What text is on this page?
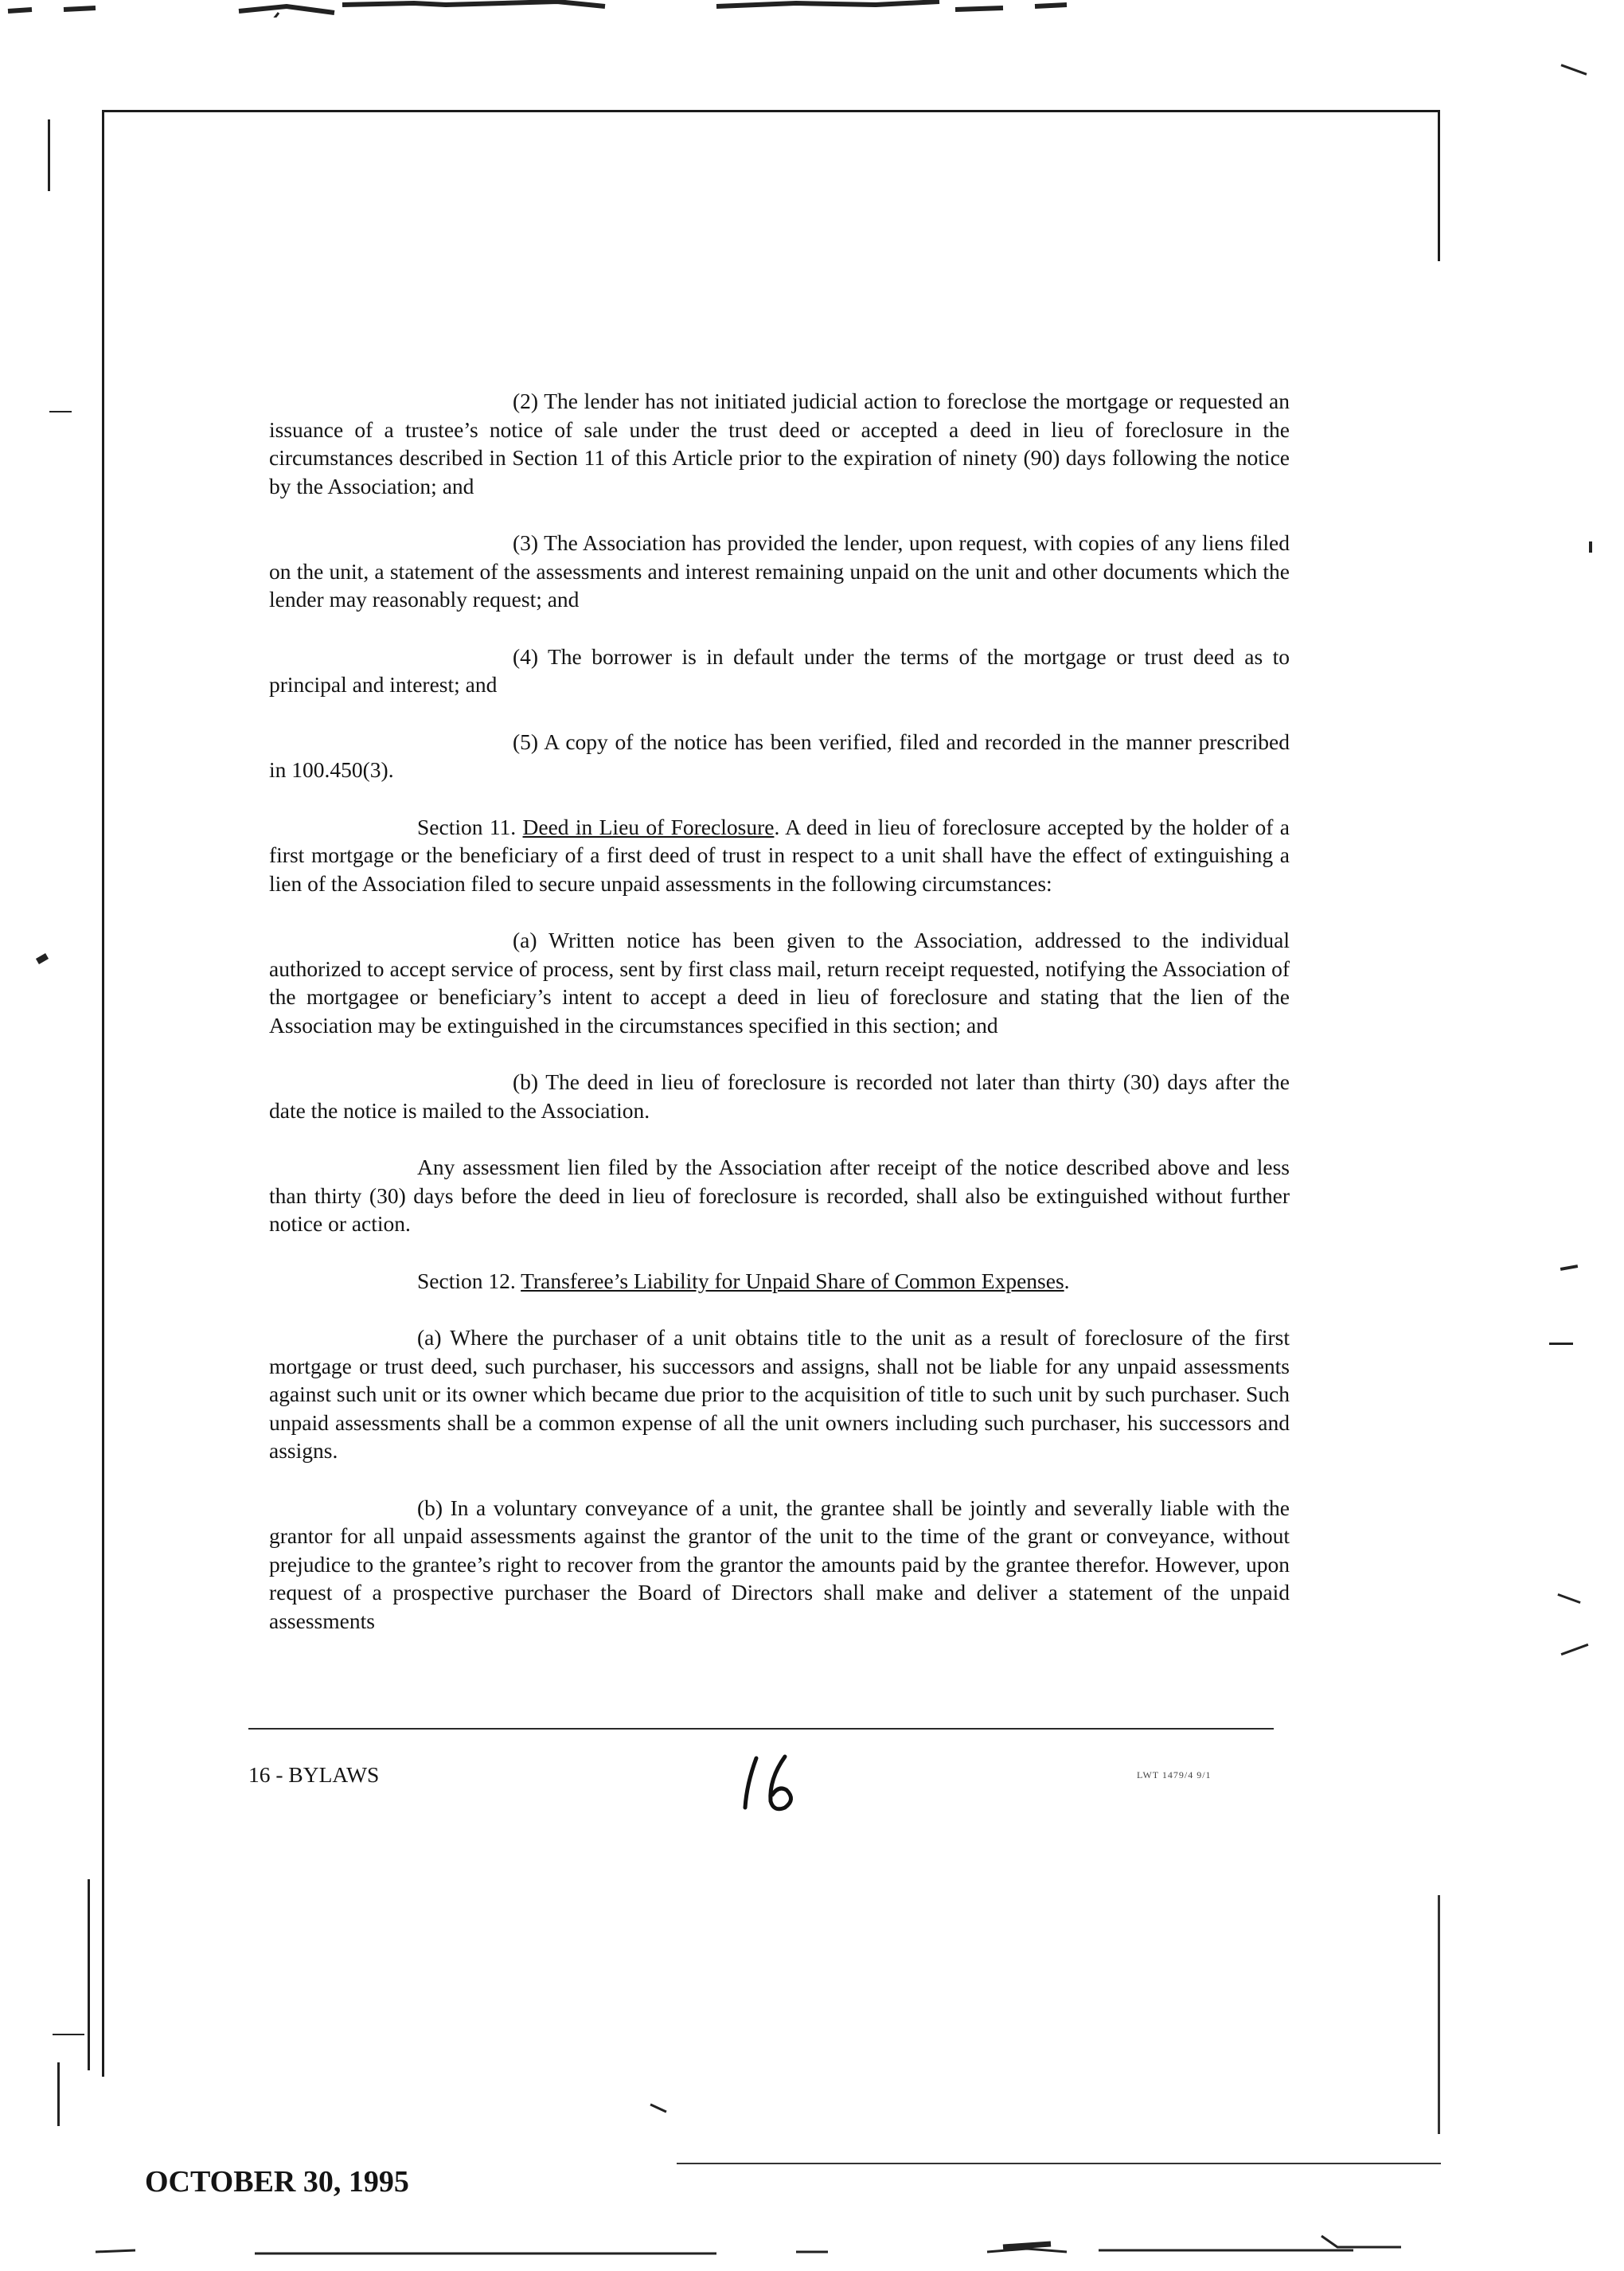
(2) The lender has not initiated judicial action to foreclose the mortgage or requested an issuance of a trustee’s notice of sale under the trust deed or accepted a deed in lieu of foreclosure in the circumstances described in Section 11 of this Article prior to the expiration of ninety (90) days following the notice by the Association; and

(3) The Association has provided the lender, upon request, with copies of any liens filed on the unit, a statement of the assessments and interest remaining unpaid on the unit and other documents which the lender may reasonably request; and

(4) The borrower is in default under the terms of the mortgage or trust deed as to principal and interest; and

(5) A copy of the notice has been verified, filed and recorded in the manner prescribed in 100.450(3).

Section 11. Deed in Lieu of Foreclosure. A deed in lieu of foreclosure accepted by the holder of a first mortgage or the beneficiary of a first deed of trust in respect to a unit shall have the effect of extinguishing a lien of the Association filed to secure unpaid assessments in the following circumstances:

(a) Written notice has been given to the Association, addressed to the individual authorized to accept service of process, sent by first class mail, return receipt requested, notifying the Association of the mortgagee or beneficiary’s intent to accept a deed in lieu of foreclosure and stating that the lien of the Association may be extinguished in the circumstances specified in this section; and

(b) The deed in lieu of foreclosure is recorded not later than thirty (30) days after the date the notice is mailed to the Association.

Any assessment lien filed by the Association after receipt of the notice described above and less than thirty (30) days before the deed in lieu of foreclosure is recorded, shall also be extinguished without further notice or action.

Section 12. Transferee’s Liability for Unpaid Share of Common Expenses.

(a) Where the purchaser of a unit obtains title to the unit as a result of foreclosure of the first mortgage or trust deed, such purchaser, his successors and assigns, shall not be liable for any unpaid assessments against such unit or its owner which became due prior to the acquisition of title to such unit by such purchaser. Such unpaid assessments shall be a common expense of all the unit owners including such purchaser, his successors and assigns.

(b) In a voluntary conveyance of a unit, the grantee shall be jointly and severally liable with the grantor for all unpaid assessments against the grantor of the unit to the time of the grant or conveyance, without prejudice to the grantee’s right to recover from the grantor the amounts paid by the grantee therefor. However, upon request of a prospective purchaser the Board of Directors shall make and deliver a statement of the unpaid assessments

16 - BYLAWS	LWT 1479/4 9/1
OCTOBER 30, 1995
